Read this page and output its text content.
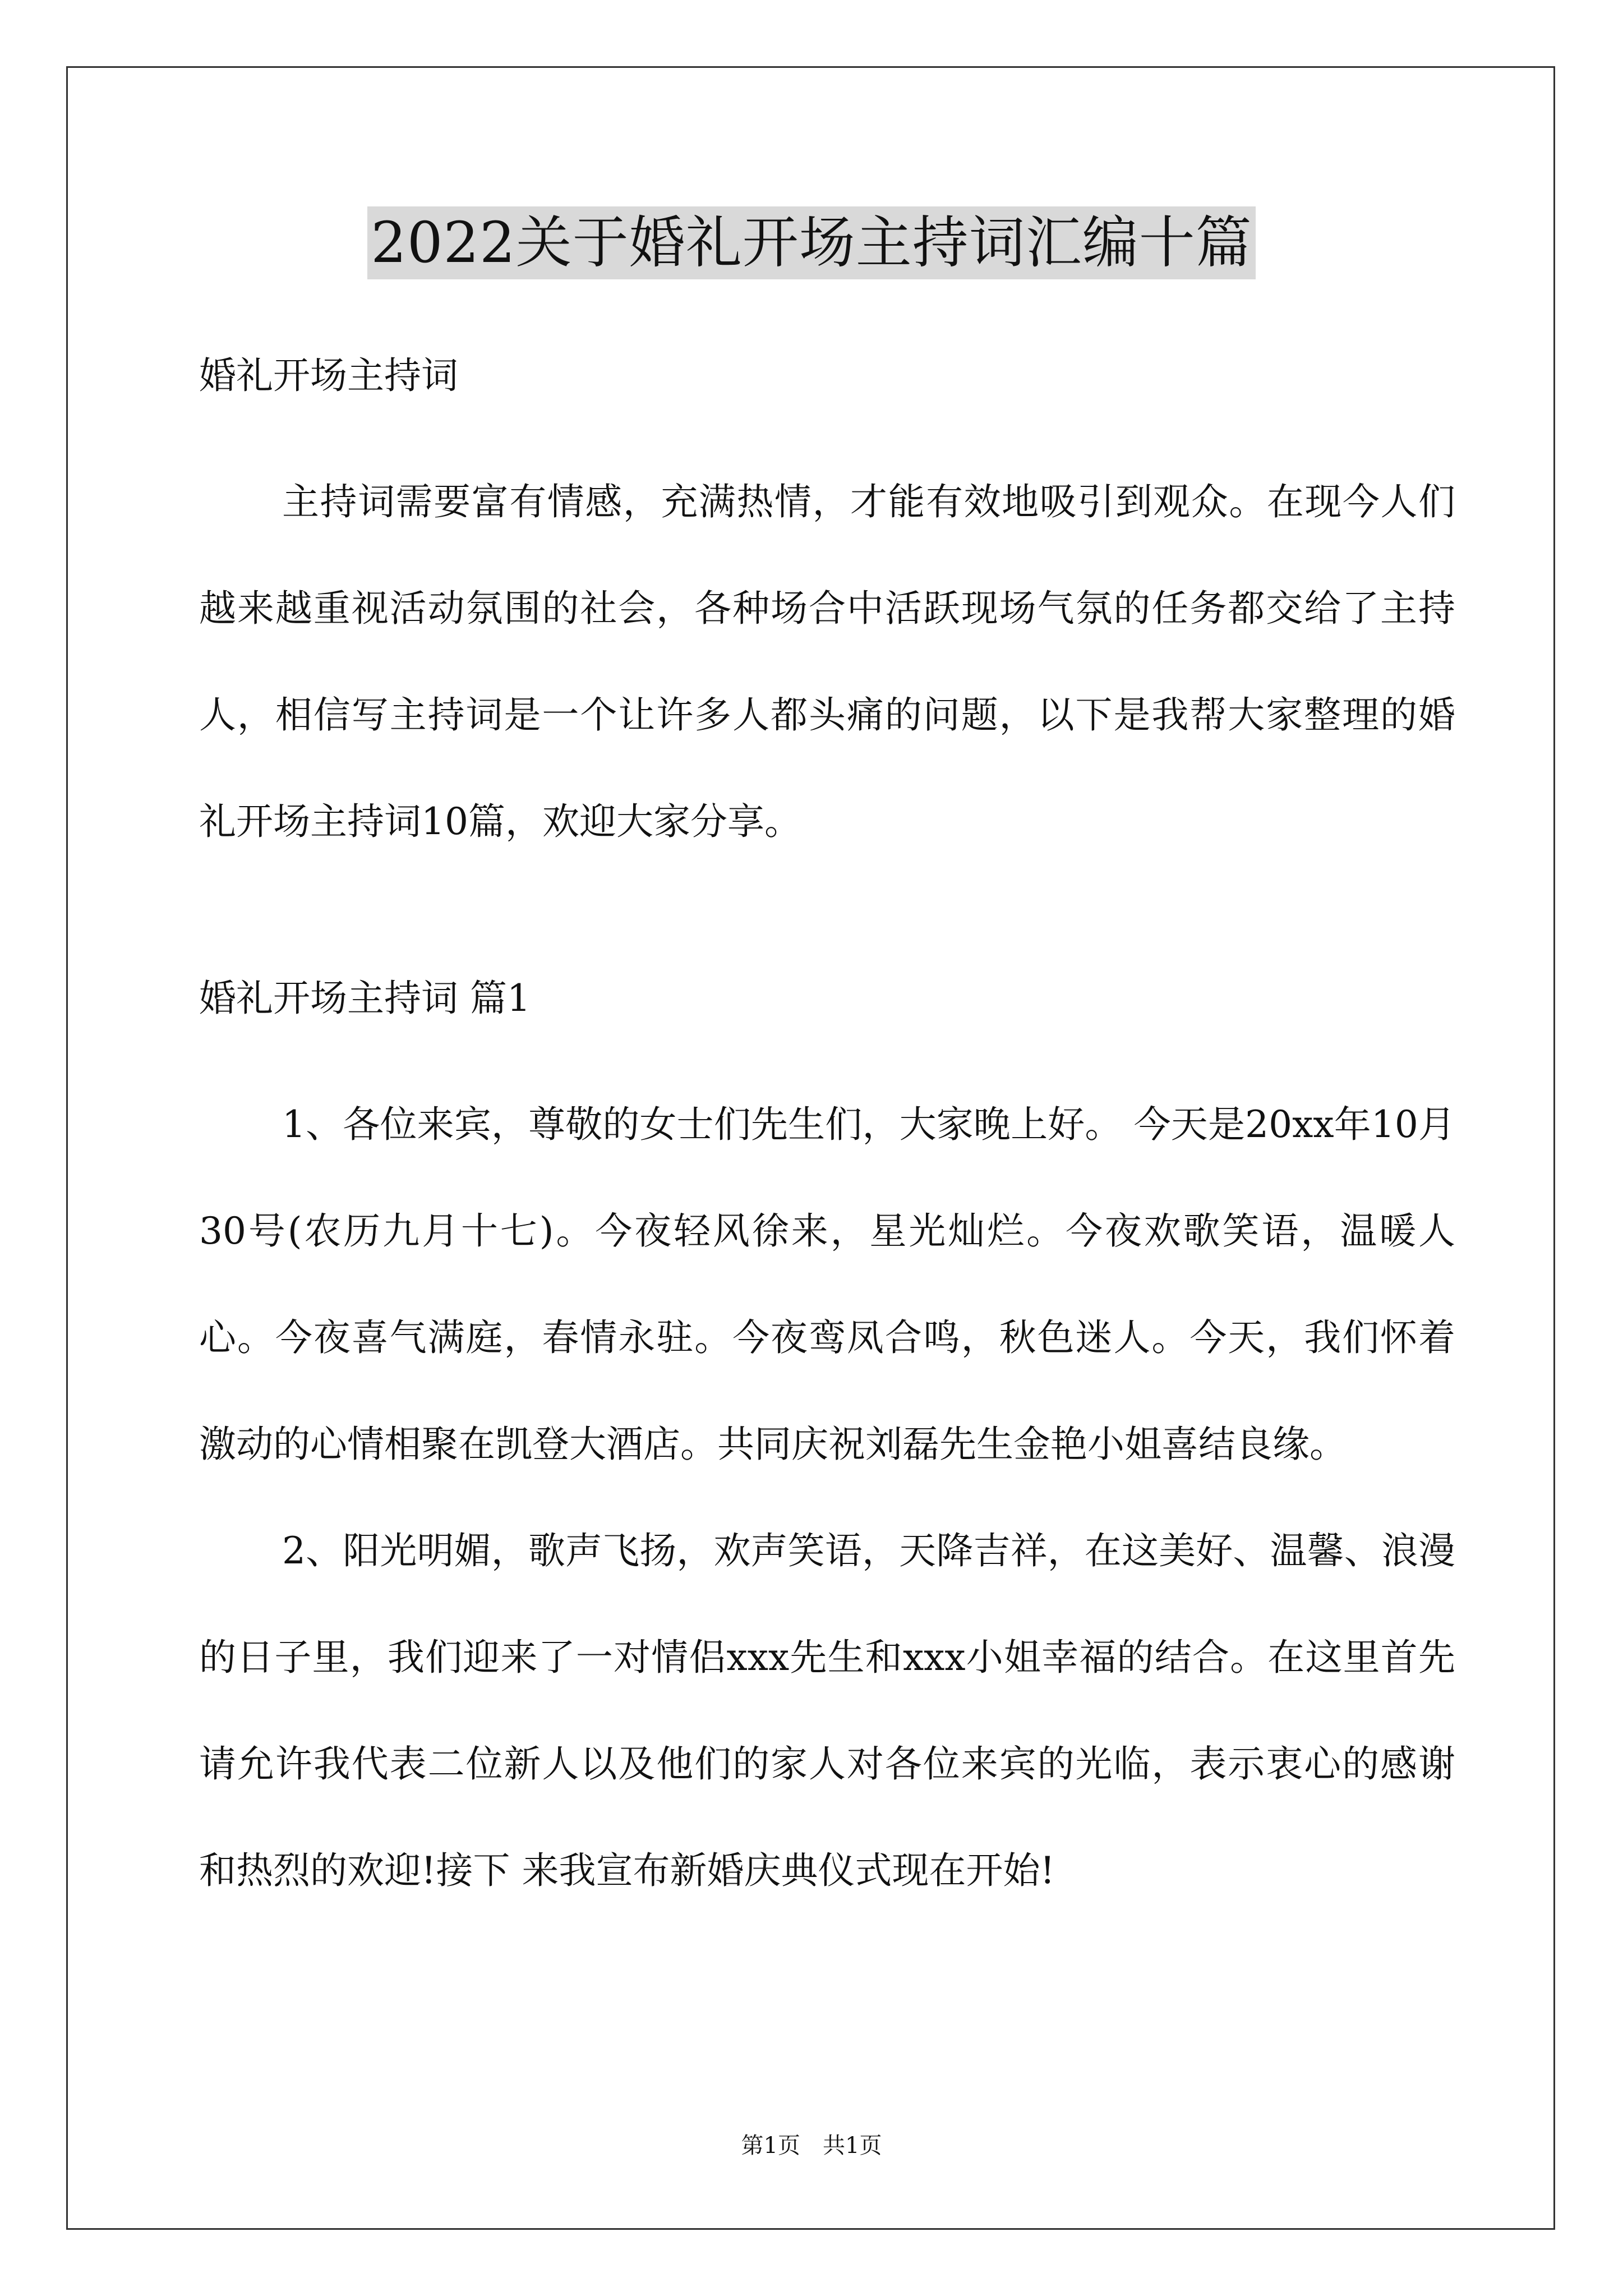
2022关于婚礼开场主持词汇编十篇

婚礼开场主持词

主持词需要富有情感，充满热情，才能有效地吸引到观众。在现今人们越来越重视活动氛围的社会，各种场合中活跃现场气氛的任务都交给了主持人，相信写主持词是一个让许多人都头痛的问题，以下是我帮大家整理的婚礼开场主持词10篇，欢迎大家分享。

婚礼开场主持词 篇1

1、各位来宾，尊敬的女士们先生们，大家晚上好。 今天是20xx年10月30号(农历九月十七)。今夜轻风徐来，星光灿烂。今夜欢歌笑语，温暖人心。今夜喜气满庭，春情永驻。今夜鸾凤合鸣，秋色迷人。今天，我们怀着激动的心情相聚在凯登大酒店。共同庆祝刘磊先生金艳小姐喜结良缘。

2、阳光明媚，歌声飞扬，欢声笑语，天降吉祥，在这美好、温馨、浪漫的日子里，我们迎来了一对情侣xxx先生和xxx小姐幸福的结合。在这里首先请允许我代表二位新人以及他们的家人对各位来宾的光临，表示衷心的感谢和热烈的欢迎!接下 来我宣布新婚庆典仪式现在开始!

第1页　共1页
